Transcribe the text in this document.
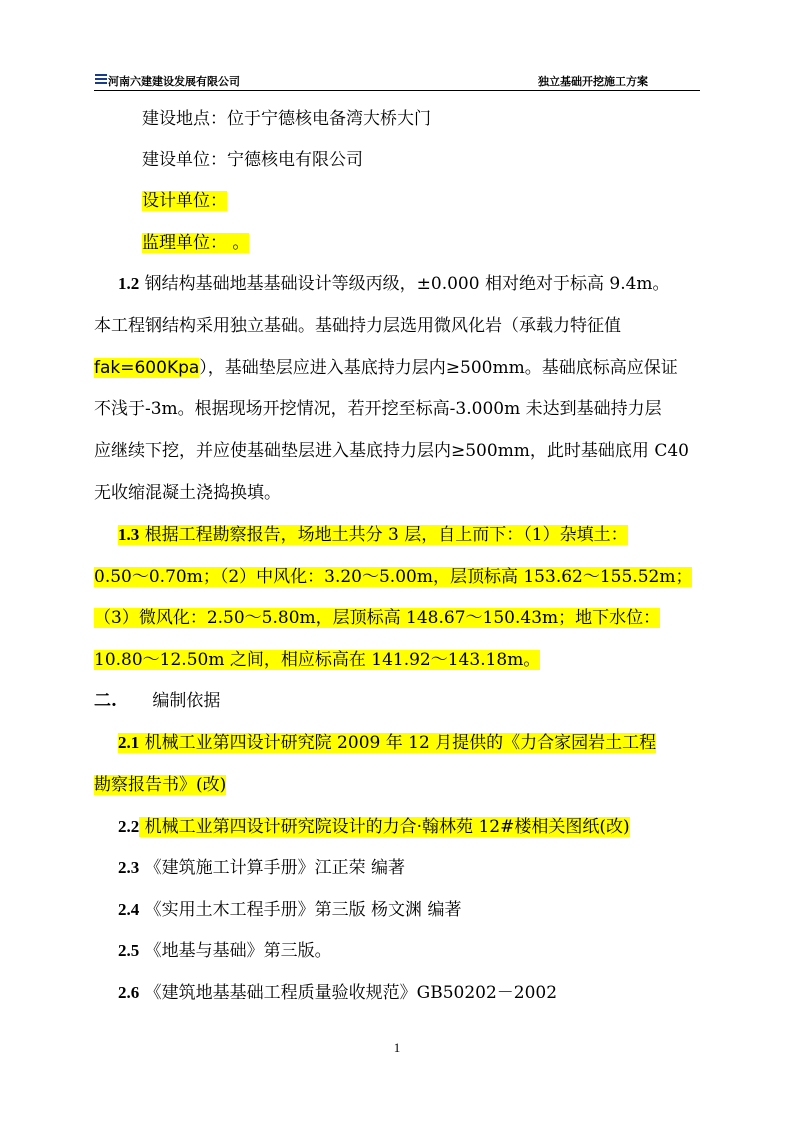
河南六建建设发展有限公司	独立基础开挖施工方案
建设地点：位于宁德核电备湾大桥大门
建设单位：宁德核电有限公司
设计单位：
监理单位： 。
1.2 钢结构基础地基基础设计等级丙级，±0.000 相对绝对于标高 9.4m。
本工程钢结构采用独立基础。基础持力层选用微风化岩（承载力特征值
fak=600Kpa），基础垫层应进入基底持力层内≥500mm。基础底标高应保证
不浅于-3m。根据现场开挖情况，若开挖至标高-3.000m 未达到基础持力层
应继续下挖，并应使基础垫层进入基底持力层内≥500mm，此时基础底用 C40
无收缩混凝土浇捣换填。
1.3 根据工程勘察报告，场地土共分 3 层，自上而下：（1）杂填土：
0.50～0.70m；（2）中风化：3.20～5.00m，层顶标高 153.62～155.52m；
（3）微风化：2.50～5.80m，层顶标高 148.67～150.43m；地下水位：
10.80～12.50m 之间，相应标高在 141.92～143.18m。
二. 编制依据
2.1 机械工业第四设计研究院 2009 年 12 月提供的《力合家园岩土工程
勘察报告书》(改)
2.2 机械工业第四设计研究院设计的力合·翰林苑 12#楼相关图纸(改)
2.3 《建筑施工计算手册》江正荣 编著
2.4 《实用土木工程手册》第三版 杨文渊 编著
2.5 《地基与基础》第三版。
2.6 《建筑地基基础工程质量验收规范》GB50202－2002
1
